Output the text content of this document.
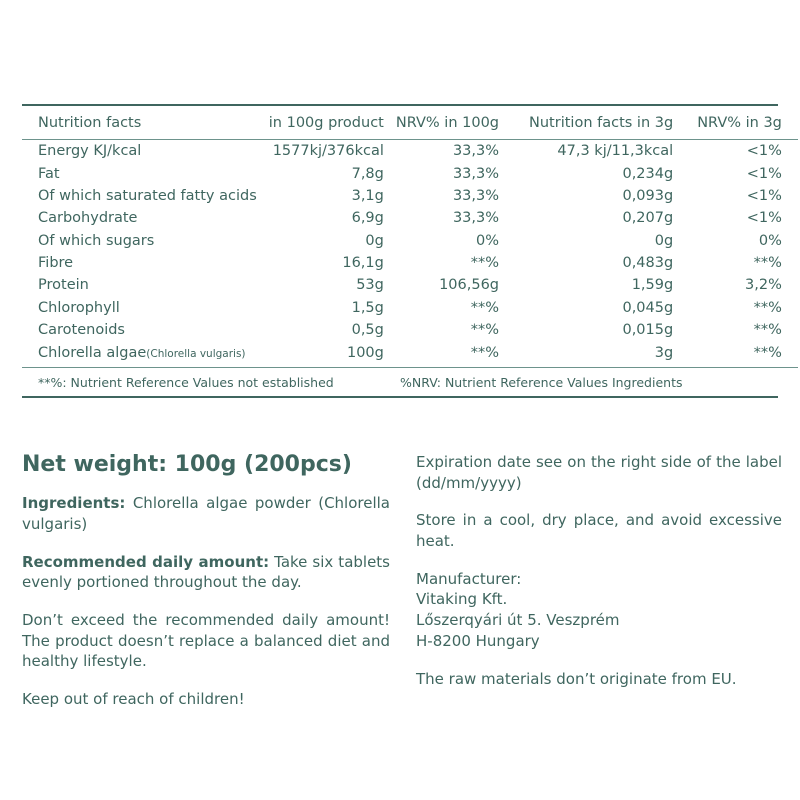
Nutrition facts	in 100g product	NRV% in 100g	Nutrition facts in 3g	NRV% in 3g
Energy KJ/kcal	1577kj/376kcal	33,3%	47,3 kj/11,3kcal	<1%
Fat	7,8g	33,3%	0,234g	<1%
Of which saturated fatty acids	3,1g	33,3%	0,093g	<1%
Carbohydrate	6,9g	33,3%	0,207g	<1%
Of which sugars	0g	0%	0g	0%
Fibre	16,1g	**%	0,483g	**%
Protein	53g	106,56g	1,59g	3,2%
Chlorophyll	1,5g	**%	0,045g	**%
Carotenoids	0,5g	**%	0,015g	**%
Chlorella algae(Chlorella vulgaris)	100g	**%	3g	**%
**%: Nutrient Reference Values not established	%NRV: Nutrient Reference Values Ingredients
Net weight: 100g (200pcs)

Ingredients: Chlorella algae powder (Chlorella vulgaris)

Recommended daily amount: Take six tablets evenly portioned throughout the day.

Don’t exceed the recommended daily amount! The product doesn’t replace a balanced diet and healthy lifestyle.

Keep out of reach of children!

Expiration date see on the right side of the label (dd/mm/yyyy)

Store in a cool, dry place, and avoid excessive heat.

Manufacturer:
Vitaking Kft.
Lőszerqyári út 5. Veszprém
H-8200 Hungary

The raw materials don’t originate from EU.
